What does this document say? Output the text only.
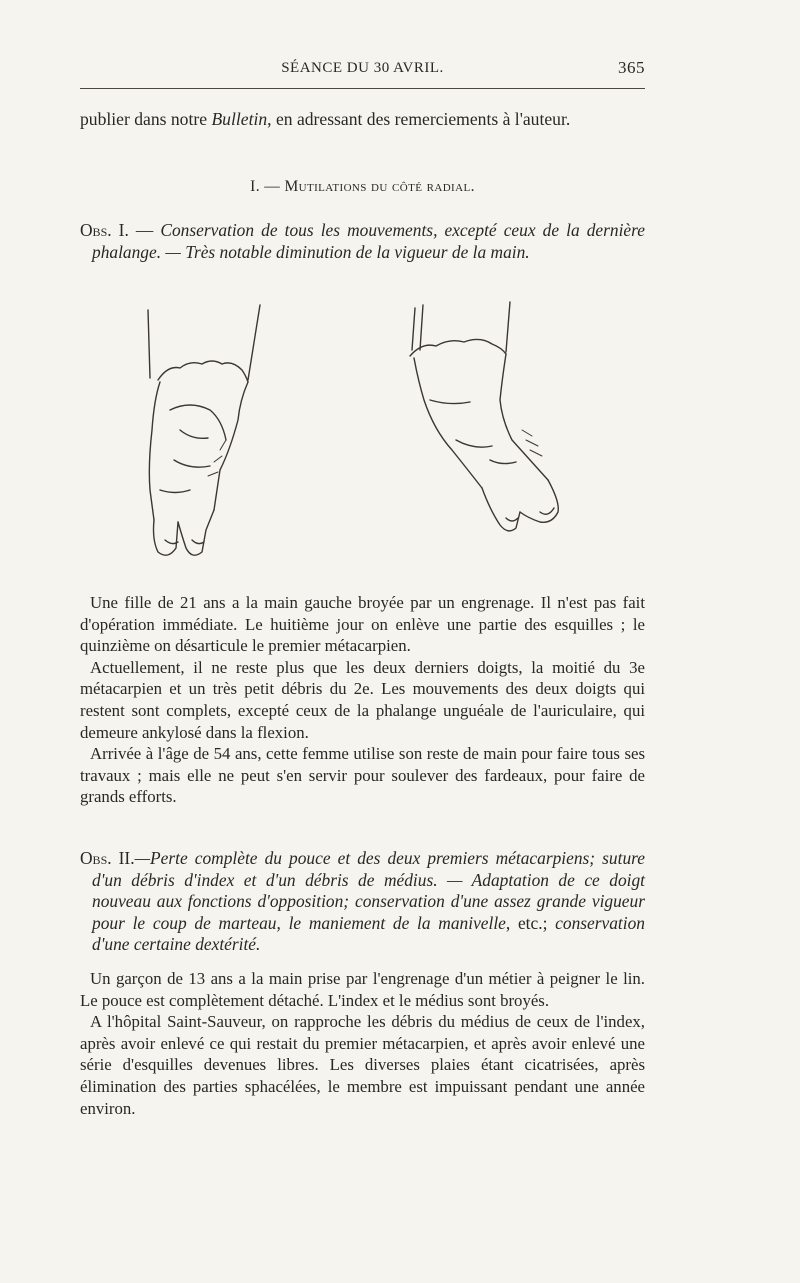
SÉANCE DU 30 AVRIL.	365

publier dans notre Bulletin, en adressant des remerciements à l'auteur.

I. — Mutilations du côté radial.

Obs. I. — Conservation de tous les mouvements, excepté ceux de la dernière phalange. — Très notable diminution de la vigueur de la main.

Une fille de 21 ans a la main gauche broyée par un engrenage. Il n'est pas fait d'opération immédiate. Le huitième jour on enlève une partie des esquilles ; le quinzième on désarticule le premier métacarpien.

Actuellement, il ne reste plus que les deux derniers doigts, la moitié du 3e métacarpien et un très petit débris du 2e. Les mouvements des deux doigts qui restent sont complets, excepté ceux de la phalange unguéale de l'auriculaire, qui demeure ankylosé dans la flexion.

Arrivée à l'âge de 54 ans, cette femme utilise son reste de main pour faire tous ses travaux ; mais elle ne peut s'en servir pour soulever des fardeaux, pour faire de grands efforts.

Obs. II.—Perte complète du pouce et des deux premiers métacarpiens; suture d'un débris d'index et d'un débris de médius. — Adaptation de ce doigt nouveau aux fonctions d'opposition; conservation d'une assez grande vigueur pour le coup de marteau, le maniement de la manivelle, etc.; conservation d'une certaine dextérité.

Un garçon de 13 ans a la main prise par l'engrenage d'un métier à peigner le lin. Le pouce est complètement détaché. L'index et le médius sont broyés.

A l'hôpital Saint-Sauveur, on rapproche les débris du médius de ceux de l'index, après avoir enlevé ce qui restait du premier métacarpien, et après avoir enlevé une série d'esquilles devenues libres. Les diverses plaies étant cicatrisées, après élimination des parties sphacélées, le membre est impuissant pendant une année environ.
